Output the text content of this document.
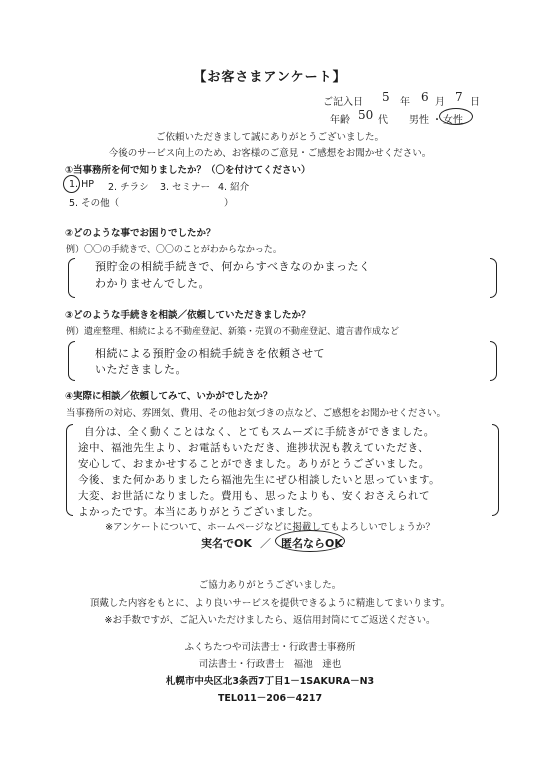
【お客さまアンケート】
ご記入日 5 年 6 月 7 日
年齢 50 代 男性 ・ 女性
ご依頼いただきまして誠にありがとうございました。
今後のサービス向上のため、お客様のご意見・ご感想をお聞かせください。
①当事務所を何で知りましたか？（〇を付けてください）
1. HP 2. チラシ 3. セミナー 4. 紹介
5. その他（	）
②どのような事でお困りでしたか？
例）〇〇の手続きで、〇〇のことがわからなかった。
預貯金の相続手続きで、何からすべきなのかまったく
わかりませんでした。
③どのような手続きを相談／依頼していただきましたか？
例）遺産整理、相続による不動産登記、新築・売買の不動産登記、遺言書作成など
相続による預貯金の相続手続きを依頼させて
いただきました。
④実際に相談／依頼してみて、いかがでしたか？
当事務所の対応、雰囲気、費用、その他お気づきの点など、ご感想をお聞かせください。
自分は、全く動くことはなく、とてもスムーズに手続きができました。
途中、福池先生より、お電話もいただき、進捗状況も教えていただき、
安心して、おまかせすることができました。ありがとうございました。
今後、また何かありましたら福池先生にぜひ相談したいと思っています。
大変、お世話になりました。費用も、思ったよりも、安くおさえられて
よかったです。本当にありがとうございました。
※アンケートについて、ホームページなどに掲載してもよろしいでしょうか？
実名でOK ／ 匿名ならOK
ご協力ありがとうございました。
頂戴した内容をもとに、より良いサービスを提供できるように精進してまいります。
※お手数ですが、ご記入いただけましたら、返信用封筒にてご返送ください。
ふくちたつや司法書士・行政書士事務所
司法書士・行政書士　福池　達也
札幌市中央区北3条西7丁目1－1SAKURA－N3
TEL011－206－4217
